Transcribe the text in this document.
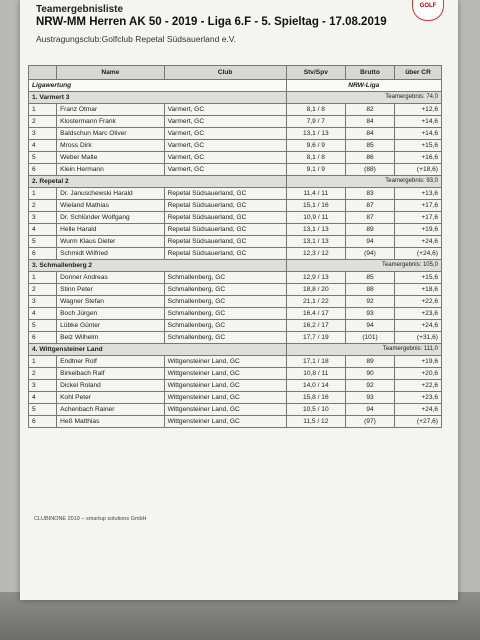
GOLF
Teamergebnisliste
NRW-MM Herren AK 50 - 2019 - Liga 6.F - 5. Spieltag - 17.08.2019
Austragungsclub:Golfclub Repetal Südsauerland e.V.
	Name	Club	Stv/Spv	Brutto	über CR
Ligawertung			NRW-Liga		
1. Varmert 3			Teamergebnis: 74,0		
1	Franz Otmar	Varmert, GC	8,1 / 8	82	+12,6
2	Klostermann Frank	Varmert, GC	7,9 / 7	84	+14,6
3	Baldschun Marc Oliver	Varmert, GC	13,1 / 13	84	+14,6
4	Mross Dirk	Varmert, GC	9,6 / 9	85	+15,6
5	Weber Malte	Varmert, GC	8,1 / 8	86	+16,6
6	Klein Hermann	Varmert, GC	9,1 / 9	(88)	(+18,6)
2. Repetal 2			Teamergebnis: 93,0		
1	Dr. Januschewski Harald	Repetal Südsauerland, GC	11,4 / 11	83	+13,6
2	Wieland Mathias	Repetal Südsauerland, GC	15,1 / 16	87	+17,6
3	Dr. Schlünder Wolfgang	Repetal Südsauerland, GC	10,9 / 11	87	+17,6
4	Helle Harald	Repetal Südsauerland, GC	13,1 / 13	89	+19,6
5	Wurm Klaus Dieter	Repetal Südsauerland, GC	13,1 / 13	94	+24,6
6	Schmidt Wilfried	Repetal Südsauerland, GC	12,3 / 12	(94)	(+24,6)
3. Schmallenberg 2			Teamergebnis: 105,0		
1	Donner Andreas	Schmallenberg, GC	12,9 / 13	85	+15,6
2	Stinn Peter	Schmallenberg, GC	18,8 / 20	88	+18,6
3	Wagner Stefan	Schmallenberg, GC	21,1 / 22	92	+22,6
4	Boch Jürgen	Schmallenberg, GC	16,4 / 17	93	+23,6
5	Lübke Günter	Schmallenberg, GC	16,2 / 17	94	+24,6
6	Belz Wilhelm	Schmallenberg, GC	17,7 / 19	(101)	(+31,6)
4. Wittgensteiner Land			Teamergebnis: 111,0		
1	Endtner Rolf	Wittgensteiner Land, GC	17,1 / 18	89	+19,6
2	Birkelbach Ralf	Wittgensteiner Land, GC	10,8 / 11	90	+20,6
3	Dickel Roland	Wittgensteiner Land, GC	14,0 / 14	92	+22,6
4	Kohl Peter	Wittgensteiner Land, GC	15,8 / 16	93	+23,6
5	Achenbach Rainer	Wittgensteiner Land, GC	10,5 / 10	94	+24,6
6	Heß Matthias	Wittgensteiner Land, GC	11,5 / 12	(97)	(+27,6)
CLUBINONE 2019 – smartup solutions GmbH
